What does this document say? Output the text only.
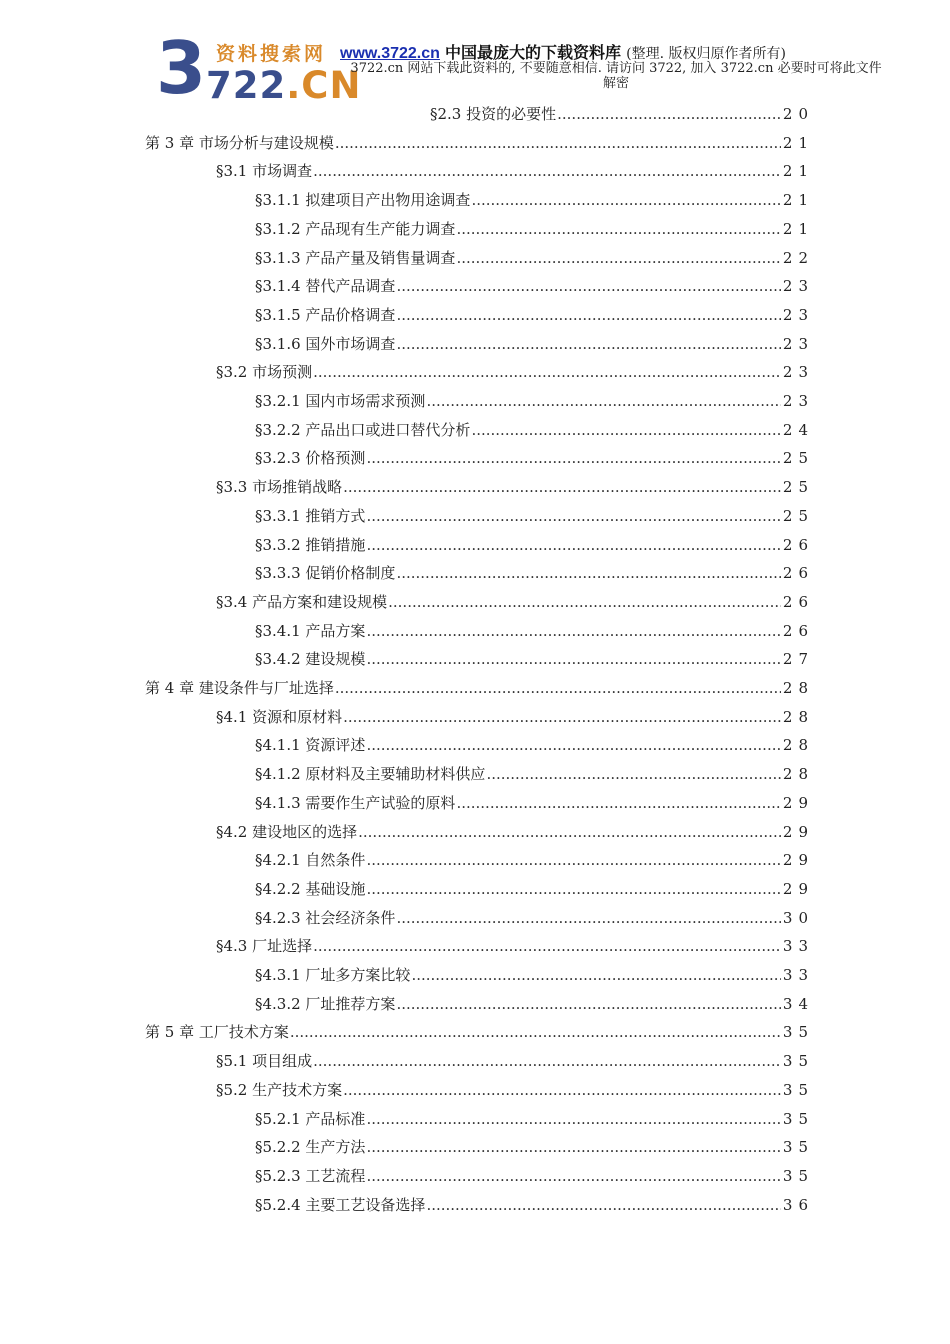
3 资料搜索网
722.CN
www.3722.cn 中国最庞大的下载资料库 (整理. 版权归原作者所有)
3722.cn 网站下载此资料的, 不要随意相信. 请访问 3722, 加入 3722.cn 必要时可将此文件解密
§2.3 投资的必要性 .....	20
第 3 章 市场分析与建设规模 .....	21
§3.1 市场调查 .....	21
§3.1.1 拟建项目产出物用途调查 .....	21
§3.1.2 产品现有生产能力调查 .....	21
§3.1.3 产品产量及销售量调查 .....	22
§3.1.4 替代产品调查 .....	23
§3.1.5 产品价格调查 .....	23
§3.1.6 国外市场调查 .....	23
§3.2 市场预测 .....	23
§3.2.1 国内市场需求预测 .....	23
§3.2.2 产品出口或进口替代分析 .....	24
§3.2.3 价格预测 .....	25
§3.3 市场推销战略 .....	25
§3.3.1 推销方式 .....	25
§3.3.2 推销措施 .....	26
§3.3.3 促销价格制度 .....	26
§3.4 产品方案和建设规模 .....	26
§3.4.1 产品方案 .....	26
§3.4.2 建设规模 .....	27
第 4 章 建设条件与厂址选择 .....	28
§4.1 资源和原材料 .....	28
§4.1.1 资源评述 .....	28
§4.1.2 原材料及主要辅助材料供应 .....	28
§4.1.3 需要作生产试验的原料 .....	29
§4.2 建设地区的选择 .....	29
§4.2.1 自然条件 .....	29
§4.2.2 基础设施 .....	29
§4.2.3 社会经济条件 .....	30
§4.3 厂址选择 .....	33
§4.3.1 厂址多方案比较 .....	33
§4.3.2 厂址推荐方案 .....	34
第 5 章 工厂技术方案 .....	35
§5.1 项目组成 .....	35
§5.2 生产技术方案 .....	35
§5.2.1 产品标准 .....	35
§5.2.2 生产方法 .....	35
§5.2.3 工艺流程 .....	35
§5.2.4 主要工艺设备选择 .....	36
